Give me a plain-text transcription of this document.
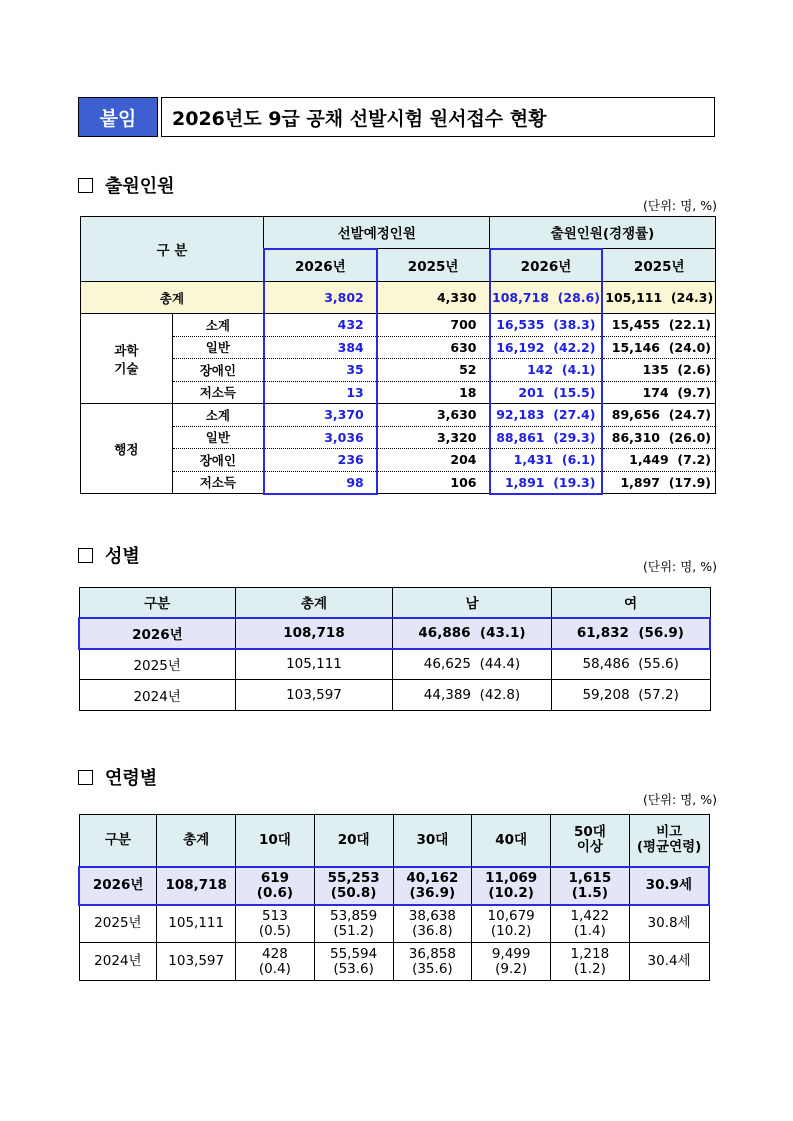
붙임	2026년도 9급 공채 선발시험 원서접수 현황
출원인원
(단위: 명, %)
구 분		선발예정인원		출원인원(경쟁률)	
		2026년	2025년	2026년	2025년
총계		3,802	4,330	108,718 (28.6)	105,111 (24.3)
과학
기술	소계	432	700	16,535 (38.3)	15,455 (22.1)
	일반	384	630	16,192 (42.2)	15,146 (24.0)
	장애인	35	52	142 (4.1)	135 (2.6)
	저소득	13	18	201 (15.5)	174 (9.7)
행정	소계	3,370	3,630	92,183 (27.4)	89,656 (24.7)
	일반	3,036	3,320	88,861 (29.3)	86,310 (26.0)
	장애인	236	204	1,431 (6.1)	1,449 (7.2)
	저소득	98	106	1,891 (19.3)	1,897 (17.9)
성별	(단위: 명, %)
구분	총계	남	여
2026년	108,718	46,886  (43.1)	61,832  (56.9)
2025년	105,111	46,625  (44.4)	58,486  (55.6)
2024년	103,597	44,389  (42.8)	59,208  (57.2)
연령별
(단위: 명, %)
구분	총계	10대	20대	30대	40대	50대
이상	비고
(평균연령)
2026년	108,718	619
(0.6)	55,253
(50.8)	40,162
(36.9)	11,069
(10.2)	1,615
(1.5)	30.9세
2025년	105,111	513
(0.5)	53,859
(51.2)	38,638
(36.8)	10,679
(10.2)	1,422
(1.4)	30.8세
2024년	103,597	428
(0.4)	55,594
(53.6)	36,858
(35.6)	9,499
(9.2)	1,218
(1.2)	30.4세
